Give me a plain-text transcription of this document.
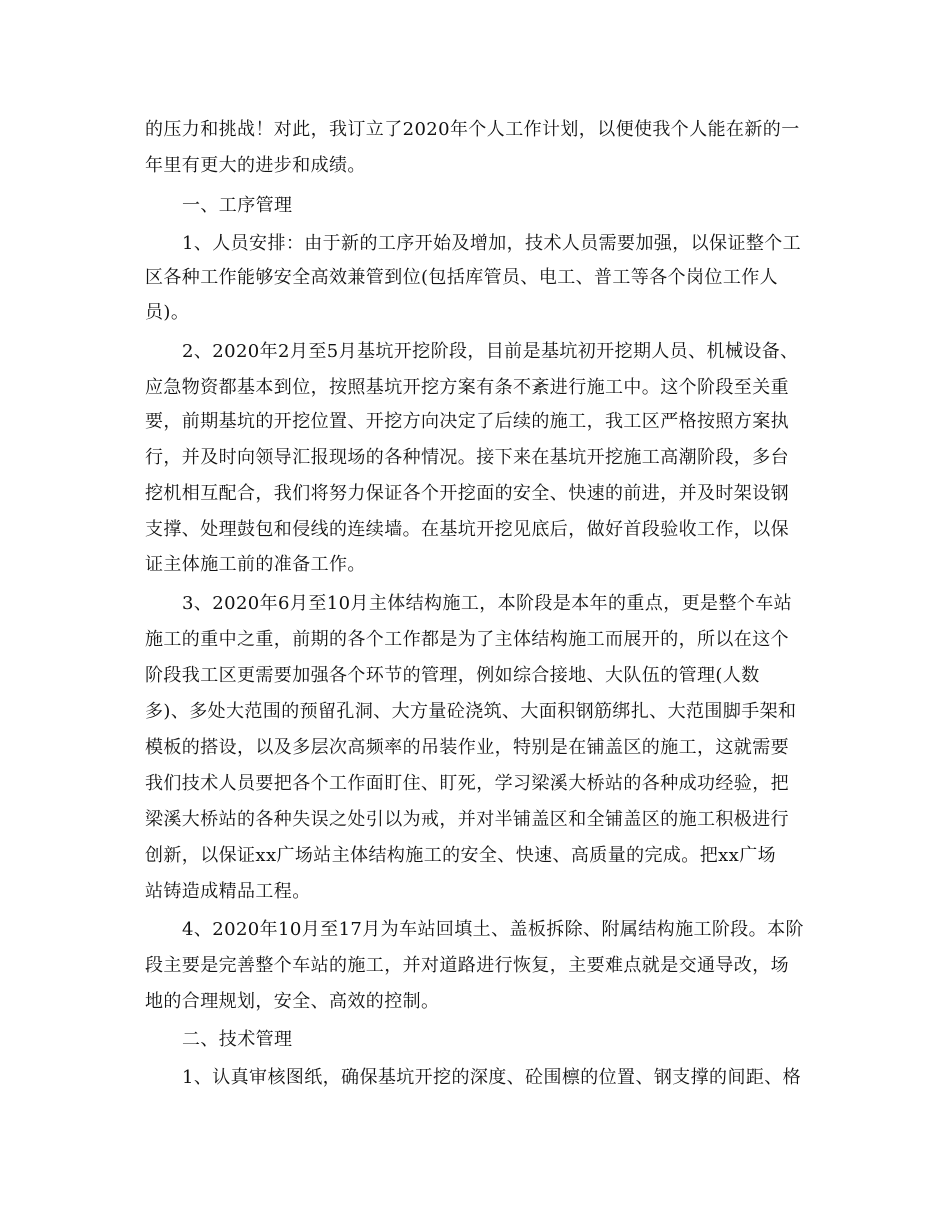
的压力和挑战！对此，我订立了2020年个人工作计划，以便使我个人能在新的一
年里有更大的进步和成绩。
一、工序管理
1、人员安排：由于新的工序开始及增加，技术人员需要加强，以保证整个工
区各种工作能够安全高效兼管到位(包括库管员、电工、普工等各个岗位工作人
员)。
2、2020年2月至5月基坑开挖阶段，目前是基坑初开挖期人员、机械设备、
应急物资都基本到位，按照基坑开挖方案有条不紊进行施工中。这个阶段至关重
要，前期基坑的开挖位置、开挖方向决定了后续的施工，我工区严格按照方案执
行，并及时向领导汇报现场的各种情况。接下来在基坑开挖施工高潮阶段，多台
挖机相互配合，我们将努力保证各个开挖面的安全、快速的前进，并及时架设钢
支撑、处理鼓包和侵线的连续墙。在基坑开挖见底后，做好首段验收工作，以保
证主体施工前的准备工作。
3、2020年6月至10月主体结构施工，本阶段是本年的重点，更是整个车站
施工的重中之重，前期的各个工作都是为了主体结构施工而展开的，所以在这个
阶段我工区更需要加强各个环节的管理，例如综合接地、大队伍的管理(人数
多)、多处大范围的预留孔洞、大方量砼浇筑、大面积钢筋绑扎、大范围脚手架和
模板的搭设，以及多层次高频率的吊装作业，特别是在铺盖区的施工，这就需要
我们技术人员要把各个工作面盯住、盯死，学习梁溪大桥站的各种成功经验，把
梁溪大桥站的各种失误之处引以为戒，并对半铺盖区和全铺盖区的施工积极进行
创新，以保证xx广场站主体结构施工的安全、快速、高质量的完成。把xx广场
站铸造成精品工程。
4、2020年10月至17月为车站回填土、盖板拆除、附属结构施工阶段。本阶
段主要是完善整个车站的施工，并对道路进行恢复，主要难点就是交通导改，场
地的合理规划，安全、高效的控制。
二、技术管理
1、认真审核图纸，确保基坑开挖的深度、砼围檩的位置、钢支撑的间距、格
